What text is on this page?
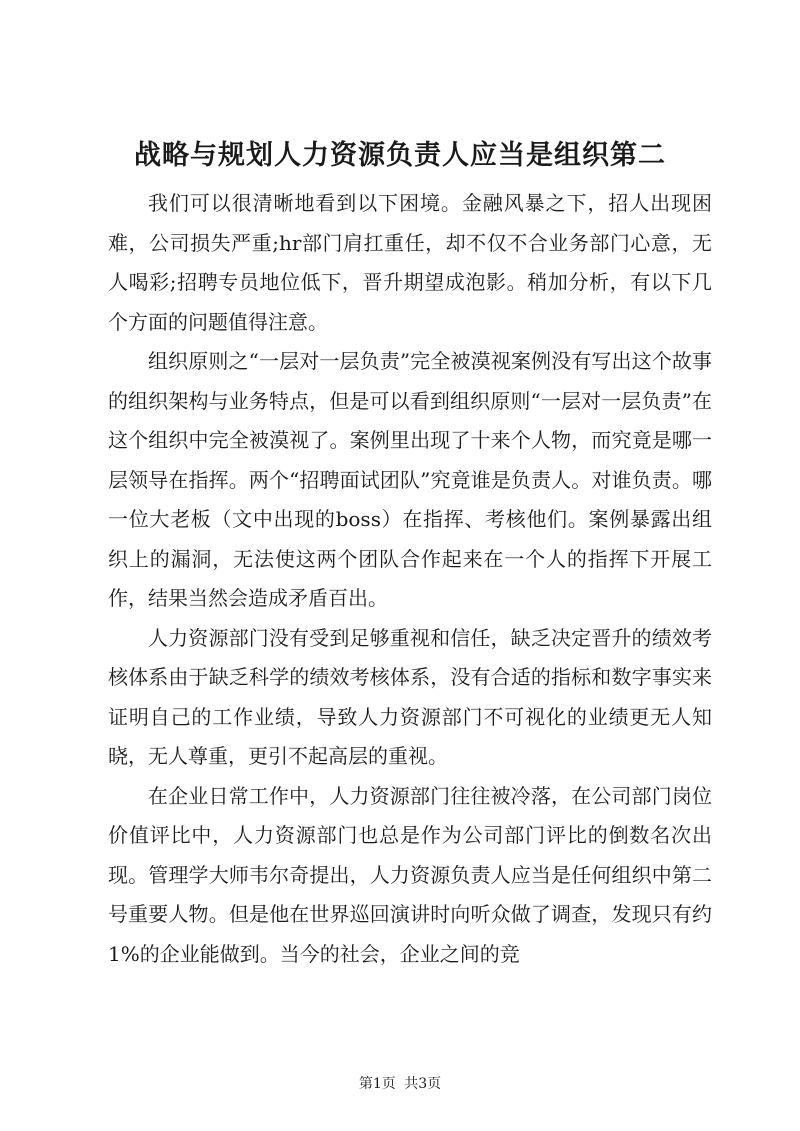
战略与规划人力资源负责人应当是组织第二

我们可以很清晰地看到以下困境。金融风暴之下，招人出现困难，公司损失严重;hr部门肩扛重任，却不仅不合业务部门心意，无人喝彩;招聘专员地位低下，晋升期望成泡影。稍加分析，有以下几个方面的问题值得注意。

组织原则之“一层对一层负责”完全被漠视案例没有写出这个故事的组织架构与业务特点，但是可以看到组织原则“一层对一层负责”在这个组织中完全被漠视了。案例里出现了十来个人物，而究竟是哪一层领导在指挥。两个“招聘面试团队”究竟谁是负责人。对谁负责。哪一位大老板（文中出现的boss）在指挥、考核他们。案例暴露出组织上的漏洞，无法使这两个团队合作起来在一个人的指挥下开展工作，结果当然会造成矛盾百出。

人力资源部门没有受到足够重视和信任，缺乏决定晋升的绩效考核体系由于缺乏科学的绩效考核体系，没有合适的指标和数字事实来证明自己的工作业绩，导致人力资源部门不可视化的业绩更无人知晓，无人尊重，更引不起高层的重视。

在企业日常工作中，人力资源部门往往被冷落，在公司部门岗位价值评比中，人力资源部门也总是作为公司部门评比的倒数名次出现。管理学大师韦尔奇提出，人力资源负责人应当是任何组织中第二号重要人物。但是他在世界巡回演讲时向听众做了调查，发现只有约1%的企业能做到。当今的社会，企业之间的竞

第1页 共3页
